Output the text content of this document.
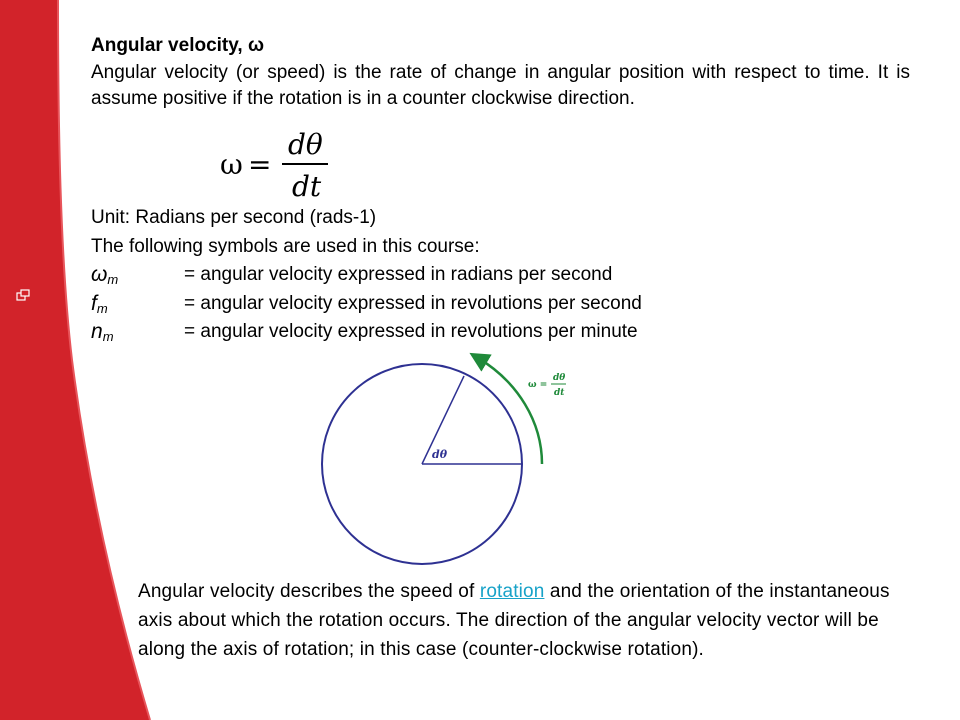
Angular velocity, ω
Angular velocity (or speed) is the rate of change in angular position with respect to time. It is assume positive if the rotation is in a counter clockwise direction.
ω =
dθ
dt
Unit: Radians per second (rads-1)
The following symbols are used in this course:
$\omega_m$	= angular velocity expressed in radians per second
$f_m$	= angular velocity expressed in revolutions per second
$n_m$	= angular velocity expressed in revolutions per minute
dθ
ω =
dθ
dt
Angular velocity describes the speed of rotation and the orientation of the instantaneous axis about which the rotation occurs. The direction of the angular velocity vector will be along the axis of rotation; in this case (counter-clockwise rotation).
